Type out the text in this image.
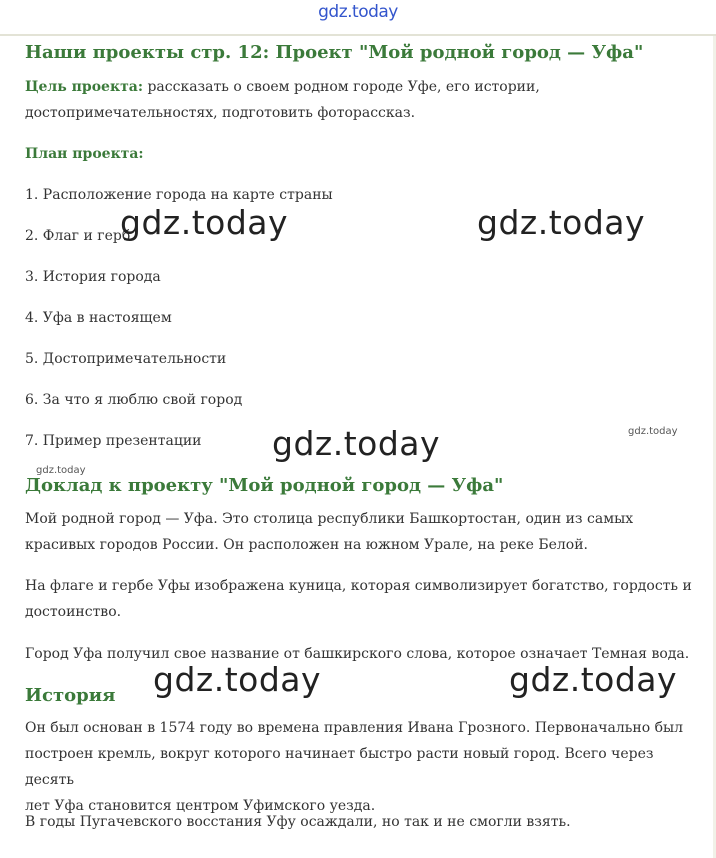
gdz.today
Наши проекты стр. 12: Проект "Мой родной город — Уфа"

Цель проекта: рассказать о своем родном городе Уфе, его истории,
достопримечательностях, подготовить фоторассказ.

План проекта:

1. Расположение города на карте страны
2. Флаг и герб
3. История города
4. Уфа в настоящем
5. Достопримечательности
6. За что я люблю свой город
7. Пример презентации
Доклад к проекту "Мой родной город — Уфа"

Мой родной город — Уфа. Это столица республики Башкортостан, один из самых
красивых городов России. Он расположен на южном Урале, на реке Белой.

На флаге и гербе Уфы изображена куница, которая символизирует богатство, гордость и
достоинство.

Город Уфа получил свое название от башкирского слова, которое означает Темная вода.

История

Он был основан в 1574 году во времена правления Ивана Грозного. Первоначально был
построен кремль, вокруг которого начинает быстро расти новый город. Всего через десять
лет Уфа становится центром Уфимского уезда.

В годы Пугачевского восстания Уфу осаждали, но так и не смогли взять.

gdz.today	gdz.today
gdz.today
gdz.today	gdz.today
gdz.today
gdz.today
